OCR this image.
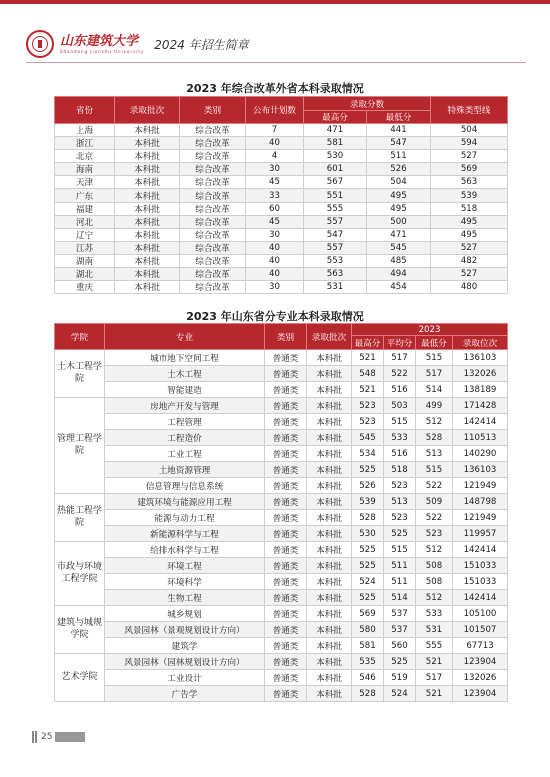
山东建筑大学
Shandong Jianzhu University 2024 年招生简章
2023 年综合改革外省本科录取情况
省份	录取批次	类别	公布计划数	录取分数		特殊类型线
				最高分	最低分	
上海	本科批	综合改革	7	471	441	504
浙江	本科批	综合改革	40	581	547	594
北京	本科批	综合改革	4	530	511	527
海南	本科批	综合改革	30	601	526	569
天津	本科批	综合改革	45	567	504	563
广东	本科批	综合改革	33	551	495	539
福建	本科批	综合改革	60	555	495	518
河北	本科批	综合改革	45	557	500	495
辽宁	本科批	综合改革	30	547	471	495
江苏	本科批	综合改革	40	557	545	527
湖南	本科批	综合改革	40	553	485	482
湖北	本科批	综合改革	40	563	494	527
重庆	本科批	综合改革	30	531	454	480
2023 年山东省分专业本科录取情况
学院	专业	类别	录取批次	2023			
				最高分	平均分	最低分	录取位次
土木工程学院	城市地下空间工程	普通类	本科批	521	517	515	136103
	土木工程	普通类	本科批	548	522	517	132026
	智能建造	普通类	本科批	521	516	514	138189
管理工程学院	房地产开发与管理	普通类	本科批	523	503	499	171428
	工程管理	普通类	本科批	523	515	512	142414
	工程造价	普通类	本科批	545	533	528	110513
	工业工程	普通类	本科批	534	516	513	140290
	土地资源管理	普通类	本科批	525	518	515	136103
	信息管理与信息系统	普通类	本科批	526	523	522	121949
热能工程学院	建筑环境与能源应用工程	普通类	本科批	539	513	509	148798
	能源与动力工程	普通类	本科批	528	523	522	121949
	新能源科学与工程	普通类	本科批	530	525	523	119957
市政与环境工程学院	给排水科学与工程	普通类	本科批	525	515	512	142414
	环境工程	普通类	本科批	525	511	508	151033
	环境科学	普通类	本科批	524	511	508	151033
	生物工程	普通类	本科批	525	514	512	142414
建筑与城规学院	城乡规划	普通类	本科批	569	537	533	105100
	风景园林（景观规划设计方向）	普通类	本科批	580	537	531	101507
	建筑学	普通类	本科批	581	560	555	67713
艺术学院	风景园林（园林规划设计方向）	普通类	本科批	535	525	521	123904
	工业设计	普通类	本科批	546	519	517	132026
	广告学	普通类	本科批	528	524	521	123904
25
